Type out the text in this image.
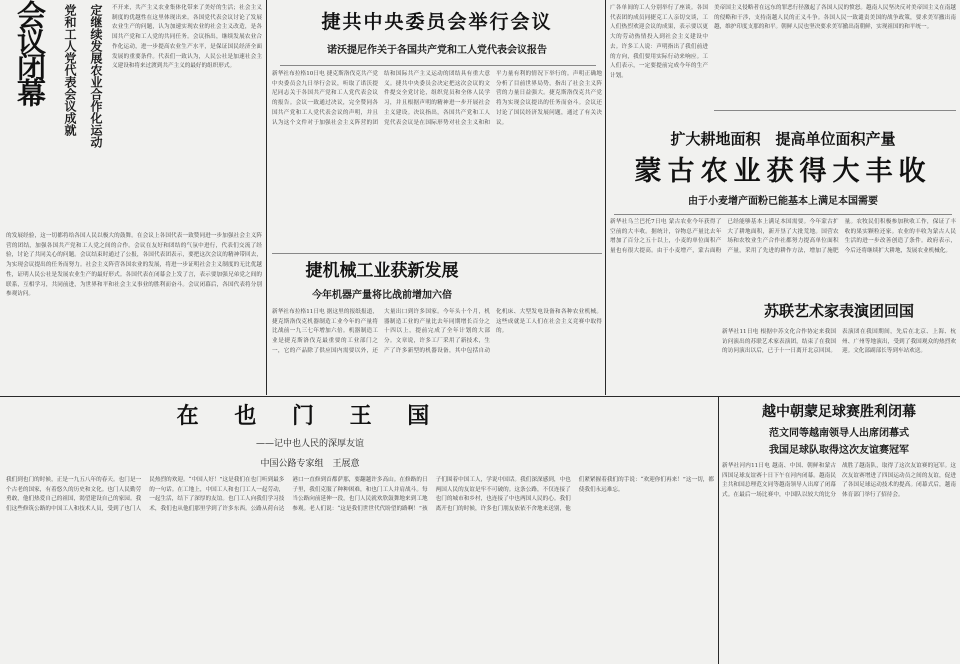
会议闭幕	党和工人党代表会议成就 定继续发展农业合作化运动 不开来，共产主义农业集体化带来了美好的生活；社会主义制度的优越性在这里体现出来。各国党代表会议讨论了发展农业生产的问题，认为加速实现农业的社会主义改造，是各国共产党和工人党的共同任务。会议指出，继续发展农业合作化运动，进一步提高农业生产水平，是保证国民经济全面发展的重要条件。代表们一致认为，人民公社是加速社会主义建设和将来过渡到共产主义的最好的组织形式。
的发展经验，这一切都将给各国人民以极大的鼓舞。在会议上各国代表一致赞同进一步加强社会主义阵营的团结，加强各国共产党和工人党之间的合作。会议在友好和团结的气氛中进行，代表们交流了经验，讨论了共同关心的问题。会议结束时通过了公报，各国代表团表示，要把这次会议的精神带回去，为实现会议提出的任务而努力。社会主义阵营各国农业的发展，将进一步证明社会主义制度的无比优越性，证明人民公社是发展农业生产的最好形式。各国代表在闭幕会上发了言，表示要加强兄弟党之间的联系，互相学习，共同前进，为世界和平和社会主义事业的胜利而奋斗。会议闭幕后，各国代表将分别参观访问。
捷共中央委员会举行会议
诺沃提尼作关于各国共产党和工人党代表会议报告
新华社布拉格10日电 捷克斯洛伐克共产党中央委员会九日举行会议，听取了诺沃提尼同志关于各国共产党和工人党代表会议的报告。会议一致通过决议，完全赞同各国共产党和工人党代表会议的声明，并且认为这个文件对于加强社会主义阵营的团结和国际共产主义运动的团结具有重大意义。捷共中央委员会决定把这次会议的文件提交全党讨论，组织党员和全体人民学习，并且根据声明的精神进一步开展社会主义建设。决议指出，各国共产党和工人党代表会议是在国际形势对社会主义和和平力量有利的情况下举行的。声明正确地分析了目前世界局势，指出了社会主义阵营的力量日益强大。捷克斯洛伐克共产党将为实现会议提出的任务而奋斗。会议还讨论了国民经济发展问题，通过了有关决议。
捷机械工业获新发展
今年机器产量将比战前增加六倍
新华社布拉格11日电 据这里的报纸报道，捷克斯洛伐克机器制造工业今年的产量将比战前一九三七年增加六倍。机器制造工业是捷克斯洛伐克最重要的工业部门之一，它的产品除了供应国内需要以外，还大量出口到许多国家。今年头十个月，机器制造工业的产量比去年同期增长百分之十四以上，提前完成了全年计划的大部分。文章说，许多工厂采用了新技术，生产了许多新型的机器设备，其中包括自动化机床、大型发电设备和各种农业机械。这些成就是工人们在社会主义竞赛中取得的。
广各单间的工人分别举行了座谈。各国代表团的成员同捷克工人亲切交谈，工人们热烈欢迎会议的成果，表示要以更大的劳动热情投入到社会主义建设中去。许多工人说：声明指出了我们前进的方向，我们要用实际行动来响应。工人们表示，一定要提前完成今年的生产计划。
美帝国主义侵略者在远东的罪恶行径激起了各国人民的愤怒。越南人民坚决反对美帝国主义在南越的侵略和干涉，支持南越人民的正义斗争。各国人民一致谴责美国的战争政策，要求美军撤出南越，维护印度支那的和平。朝鲜人民也坚决要求美军撤出南朝鲜，实现祖国的和平统一。
扩大耕地面积　提高单位面积产量
蒙古农业获得大丰收
由于小麦增产面粉已能基本上满足本国需要
新华社乌兰巴托7日电 蒙古农业今年获得了空前的大丰收。据统计，谷物总产量比去年增加了百分之五十以上，小麦的单位面积产量也有很大提高。由于小麦增产，蒙古面粉已经能够基本上满足本国需要。今年蒙古扩大了耕地面积，新开垦了大批荒地。国营农场和农牧业生产合作社都努力提高单位面积产量，采用了先进的耕作方法，增加了施肥量。农牧民们积极参加秋收工作，保证了丰收的果实颗粒还家。农业的丰收为蒙古人民生活的进一步改善创造了条件。政府表示，今后还将继续扩大耕地，发展农业机械化。
苏联艺术家表演团回国
新华社11日电 根据中苏文化合作协定来我国访问演出的苏联艺术家表演团，结束了在我国的访问演出以后，已于十一日离开北京回国。表演团在我国期间，先后在北京、上海、杭州、广州等地演出，受到了我国观众的热烈欢迎。文化部副部长等到车站欢送。
越中朝蒙足球赛胜利闭幕
范文同等越南领导人出席闭幕式
我国足球队取得这次友谊赛冠军
新华社河内11日电 越南、中国、朝鲜和蒙古四国足球友谊赛十日下午在河内闭幕。越南民主共和国总理范文同等越南领导人出席了闭幕式。在最后一场比赛中，中国队以较大的比分战胜了越南队，取得了这次友谊赛的冠军。这次友谊赛增进了四国运动员之间的友谊，促进了各国足球运动技术的提高。闭幕式后，越南体育部门举行了招待会。
在 也 门 王 国
——记中也人民的深厚友谊
中国公路专家组　王展意
我们到也门的时候，正是一九五八年的春天。也门是一个古老的国家，有着悠久的历史和文化。也门人民勤劳勇敢，他们热爱自己的祖国，渴望建设自己的家园。我们这些修筑公路的中国工人和技术人员，受到了也门人民热烈的欢迎。“中国人好！”这是我们在也门听到最多的一句话。在工地上，中国工人和也门工人一起劳动，一起生活，结下了深厚的友谊。也门工人向我们学习技术，我们也从他们那里学到了许多东西。公路从荷台达港口一直修到首都萨那，要翻越许多高山。在修路的日子里，我们克服了种种困难，和也门工人并肩战斗。每当公路向前延伸一段，也门人民就欢欣鼓舞地来到工地参观。老人们说：“这是我们世世代代盼望的路啊！”孩子们围着中国工人，学说中国话。我们深深感到，中也两国人民的友谊是牢不可破的。这条公路，不仅连接了也门的城市和乡村，也连接了中也两国人民的心。我们离开也门的时候，许多也门朋友依依不舍地来送别，他们紧紧握着我们的手说：“欢迎你们再来！”这一切，都使我们永远难忘。
